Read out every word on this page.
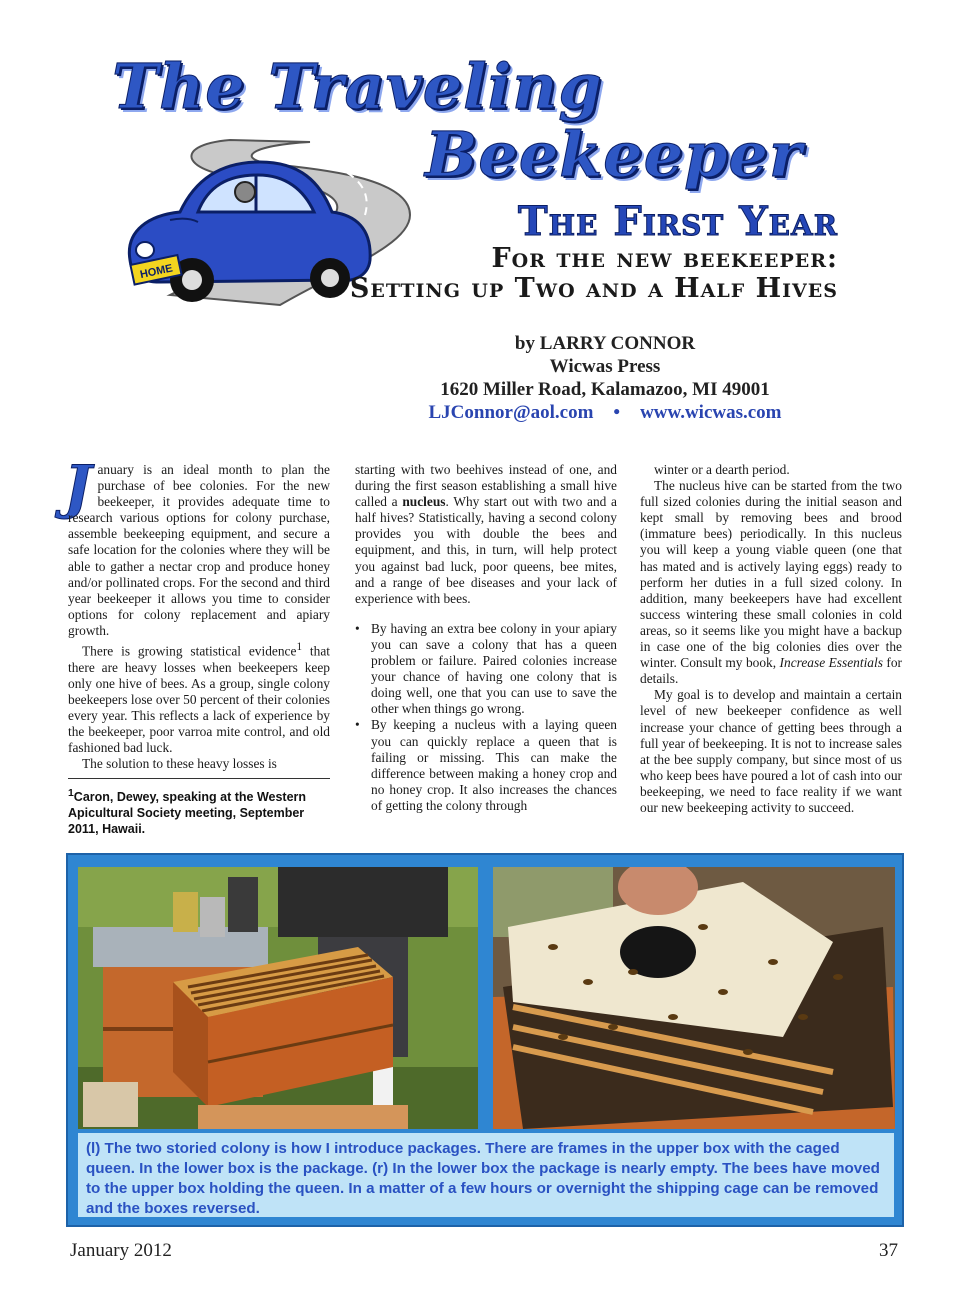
The Traveling
Beekeeper
HOME
The First Year
For the new beekeeper:
Setting up Two and a Half Hives
by LARRY CONNOR
Wicwas Press
1620 Miller Road, Kalamazoo, MI 49001
LJConnor@aol.com • www.wicwas.com

January is an ideal month to plan the purchase of bee colonies. For the new beekeeper, it provides adequate time to research various options for colony purchase, assemble beekeeping equipment, and secure a safe location for the colonies where they will be able to gather a nectar crop and produce honey and/or pollinated crops. For the second and third year beekeeper it allows you time to consider options for colony replacement and apiary growth.

There is growing statistical evidence$^1$ that there are heavy losses when beekeepers keep only one hive of bees. As a group, single colony beekeepers lose over 50 percent of their colonies every year. This reflects a lack of experience by the beekeeper, poor varroa mite control, and old fashioned bad luck.

The solution to these heavy losses is

$^1$Caron, Dewey, speaking at the Western Apicultural Society meeting, September 2011, Hawaii.

starting with two beehives instead of one, and during the first season establishing a small hive called a nucleus. Why start out with two and a half hives? Statistically, having a second colony provides you with double the bees and equipment, and this, in turn, will help protect you against bad luck, poor queens, bee mites, and a range of bee diseases and your lack of experience with bees.

• By having an extra bee colony in your apiary you can save a colony that has a queen problem or failure. Paired colonies increase your chance of having one colony that is doing well, one that you can use to save the other when things go wrong.
• By keeping a nucleus with a laying queen you can quickly replace a queen that is failing or missing. This can make the difference between making a honey crop and no honey crop. It also increases the chances of getting the colony through

winter or a dearth period.

The nucleus hive can be started from the two full sized colonies during the initial season and kept small by removing bees and brood (immature bees) periodically. In this nucleus you will keep a young viable queen (one that has mated and is actively laying eggs) ready to perform her duties in a full sized colony. In addition, many beekeepers have had excellent success wintering these small colonies in cold areas, so it seems like you might have a backup in case one of the big colonies dies over the winter. Consult my book, Increase Essentials for details.

My goal is to develop and maintain a certain level of new beekeeper confidence as well increase your chance of getting bees through a full year of beekeeping. It is not to increase sales at the bee supply company, but since most of us who keep bees have poured a lot of cash into our beekeeping, we need to face reality if we want our new beekeeping activity to succeed.

(l) The two storied colony is how I introduce packages. There are frames in the upper box with the caged queen. In the lower box is the package. (r) In the lower box the package is nearly empty. The bees have moved to the upper box holding the queen. In a matter of a few hours or overnight the shipping cage can be removed and the boxes reversed.
January 2012	37
